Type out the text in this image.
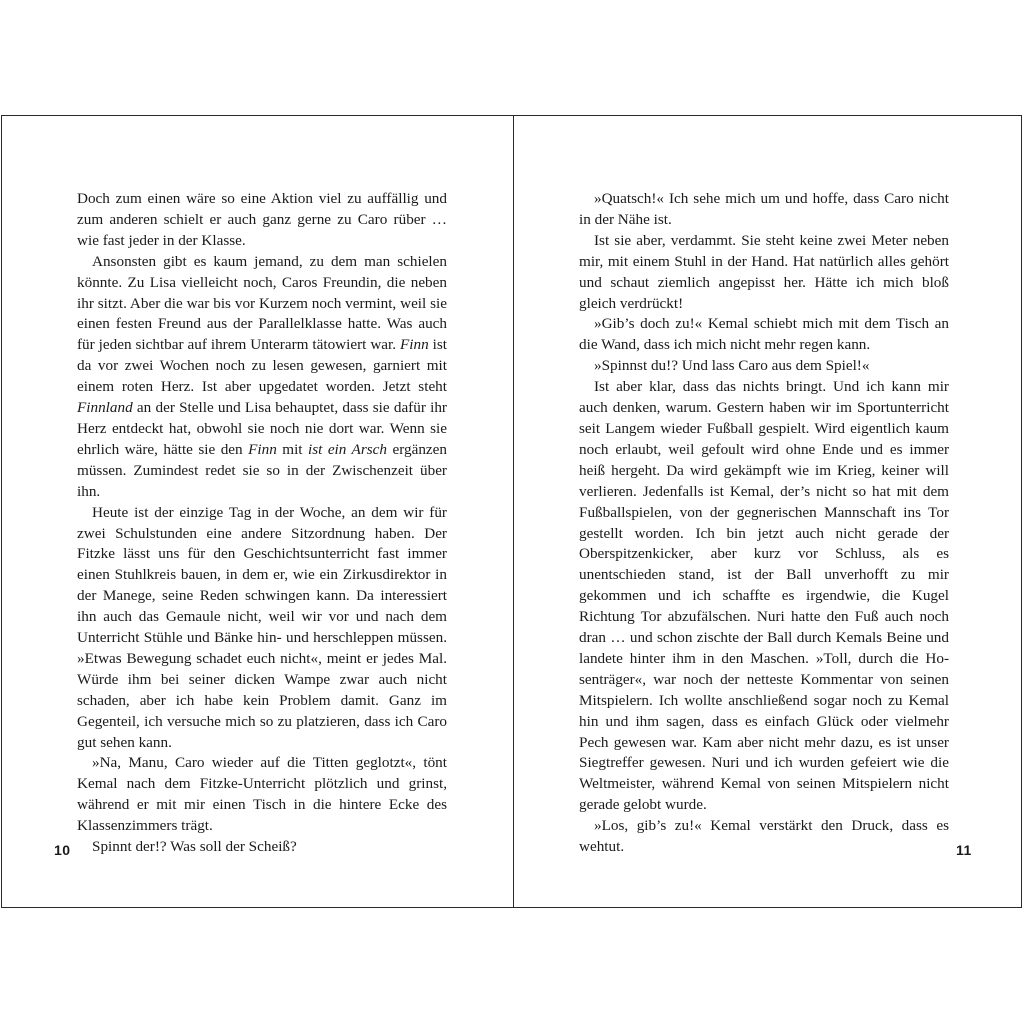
Doch zum einen wäre so eine Aktion viel zu auffällig und zum anderen schielt er auch ganz gerne zu Caro rüber … wie fast jeder in der Klasse.

Ansonsten gibt es kaum jemand, zu dem man schielen könnte. Zu Lisa vielleicht noch, Caros Freundin, die neben ihr sitzt. Aber die war bis vor Kurzem noch vermint, weil sie einen festen Freund aus der Parallelklasse hatte. Was auch für jeden sichtbar auf ihrem Unterarm tätowiert war. Finn ist da vor zwei Wochen noch zu lesen gewesen, garniert mit einem roten Herz. Ist aber upgedatet worden. Jetzt steht Finnland an der Stelle und Lisa behauptet, dass sie dafür ihr Herz entdeckt hat, obwohl sie noch nie dort war. Wenn sie ehrlich wäre, hätte sie den Finn mit ist ein Arsch ergänzen müssen. Zumindest redet sie so in der Zwischenzeit über ihn.

Heute ist der einzige Tag in der Woche, an dem wir für zwei Schulstunden eine andere Sitzordnung haben. Der Fitzke lässt uns für den Geschichtsunterricht fast immer einen Stuhlkreis bauen, in dem er, wie ein Zirkusdirektor in der Manege, seine Reden schwingen kann. Da interessiert ihn auch das Gemaule nicht, weil wir vor und nach dem Unterricht Stühle und Bänke hin- und herschleppen müssen. »Etwas Bewegung schadet euch nicht«, meint er jedes Mal. Würde ihm bei seiner dicken Wampe zwar auch nicht schaden, aber ich habe kein Problem damit. Ganz im Gegenteil, ich versuche mich so zu platzieren, dass ich Caro gut sehen kann.

»Na, Manu, Caro wieder auf die Titten geglotzt«, tönt Kemal nach dem Fitzke-Unterricht plötzlich und grinst, während er mit mir einen Tisch in die hintere Ecke des Klassenzimmers trägt.

Spinnt der!? Was soll der Scheiß?

»Quatsch!« Ich sehe mich um und hoffe, dass Caro nicht in der Nähe ist.

Ist sie aber, verdammt. Sie steht keine zwei Meter neben mir, mit einem Stuhl in der Hand. Hat natürlich alles gehört und schaut ziemlich angepisst her. Hätte ich mich bloß gleich verdrückt!

»Gib’s doch zu!« Kemal schiebt mich mit dem Tisch an die Wand, dass ich mich nicht mehr regen kann.

»Spinnst du!? Und lass Caro aus dem Spiel!«

Ist aber klar, dass das nichts bringt. Und ich kann mir auch denken, warum. Gestern haben wir im Sportunterricht seit Langem wieder Fußball gespielt. Wird eigentlich kaum noch erlaubt, weil gefoult wird ohne Ende und es immer heiß hergeht. Da wird gekämpft wie im Krieg, keiner will verlieren. Jedenfalls ist Kemal, der’s nicht so hat mit dem Fußballspielen, von der gegnerischen Mannschaft ins Tor gestellt worden. Ich bin jetzt auch nicht gerade der Oberspitzenkicker, aber kurz vor Schluss, als es unentschieden stand, ist der Ball unverhofft zu mir gekommen und ich schaffte es irgendwie, die Kugel Richtung Tor abzufälschen. Nuri hatte den Fuß auch noch dran … und schon zischte der Ball durch Kemals Beine und landete hinter ihm in den Maschen. »Toll, durch die Hosenträger«, war noch der netteste Kommentar von seinen Mitspielern. Ich wollte anschließend sogar noch zu Kemal hin und ihm sagen, dass es einfach Glück oder vielmehr Pech gewesen war. Kam aber nicht mehr dazu, es ist unser Siegtreffer gewesen. Nuri und ich wurden gefeiert wie die Weltmeister, während Kemal von seinen Mitspielern nicht gerade gelobt wurde.

»Los, gib’s zu!« Kemal verstärkt den Druck, dass es wehtut.

10	11
